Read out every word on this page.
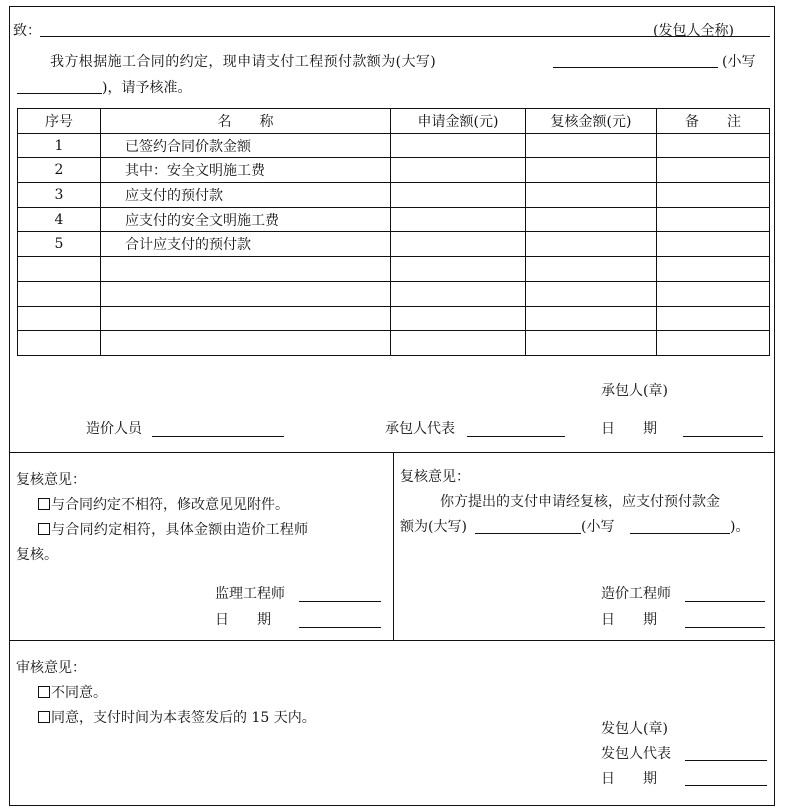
致：	(发包人全称)
我方根据施工合同的约定，现申请支付工程预付款额为(大写)	(小写
)，请予核准。
序号	名　　称	申请金额(元)	复核金额(元)	备　　注
1	已签约合同价款金额			
2	其中：安全文明施工费			
3	应支付的预付款			
4	应支付的安全文明施工费			
5	合计应支付的预付款			

承包人(章)
造价人员	承包人代表	日　　期
复核意见：
与合同约定不相符，修改意见见附件。
与合同约定相符，具体金额由造价工程师
复核。
监理工程师
日　　期
复核意见：
你方提出的支付申请经复核，应支付预付款金
额为(大写)	(小写	)。
造价工程师
日　　期
审核意见：
不同意。
同意，支付时间为本表签发后的 15 天内。
发包人(章)
发包人代表
日　　期
